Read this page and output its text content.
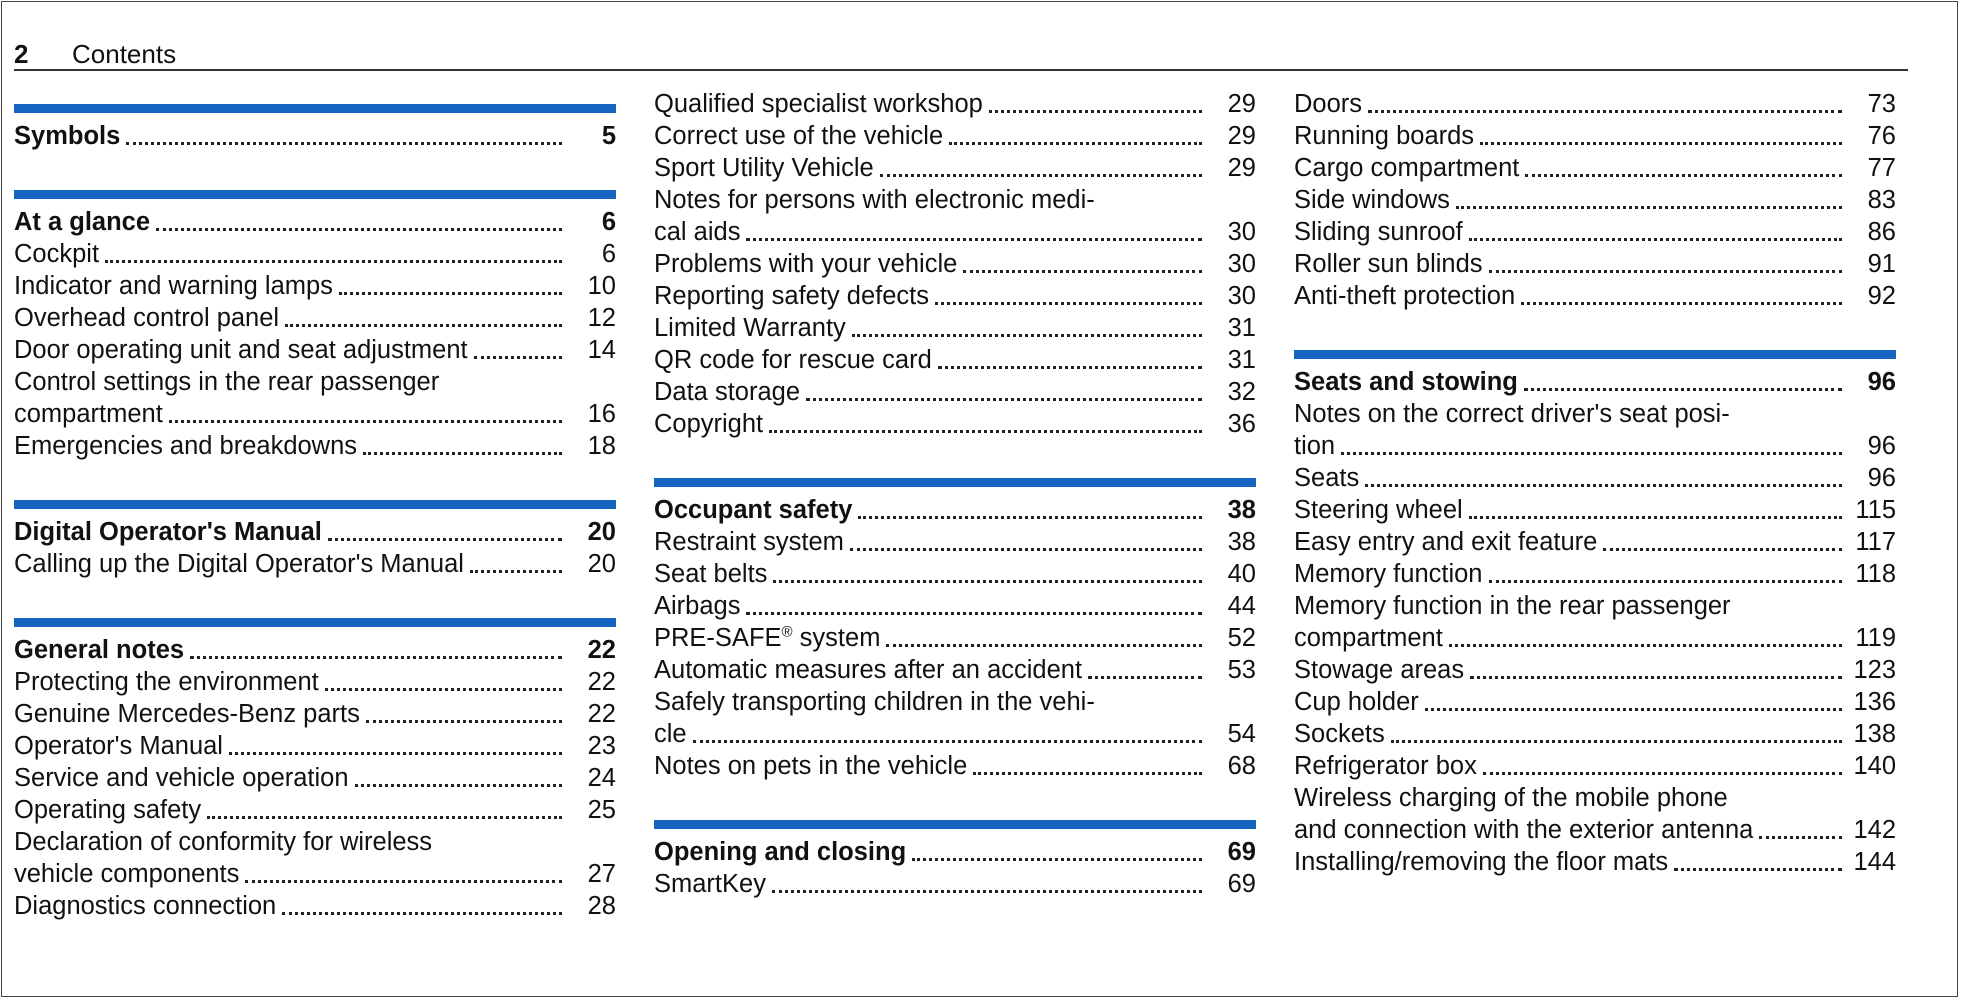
2	Contents
Symbols	5
At a glance	6
Cockpit	6
Indicator and warning lamps	10
Overhead control panel	12
Door operating unit and seat adjustment	14
Control settings in the rear passenger
compartment	16
Emergencies and breakdowns	18
Digital Operator's Manual	20
Calling up the Digital Operator's Manual	20
General notes	22
Protecting the environment	22
Genuine Mercedes-Benz parts	22
Operator's Manual	23
Service and vehicle operation	24
Operating safety	25
Declaration of conformity for wireless
vehicle components	27
Diagnostics connection	28
Qualified specialist workshop	29
Correct use of the vehicle	29
Sport Utility Vehicle	29
Notes for persons with electronic medi-
cal aids	30
Problems with your vehicle	30
Reporting safety defects	30
Limited Warranty	31
QR code for rescue card	31
Data storage	32
Copyright	36
Occupant safety	38
Restraint system	38
Seat belts	40
Airbags	44
PRE-SAFE® system	52
Automatic measures after an accident	53
Safely transporting children in the vehi-
cle	54
Notes on pets in the vehicle	68
Opening and closing	69
SmartKey	69
Doors	73
Running boards	76
Cargo compartment	77
Side windows	83
Sliding sunroof	86
Roller sun blinds	91
Anti-theft protection	92
Seats and stowing	96
Notes on the correct driver's seat posi-
tion	96
Seats	96
Steering wheel	115
Easy entry and exit feature	117
Memory function	118
Memory function in the rear passenger
compartment	119
Stowage areas	123
Cup holder	136
Sockets	138
Refrigerator box	140
Wireless charging of the mobile phone
and connection with the exterior antenna	142
Installing/removing the floor mats	144
